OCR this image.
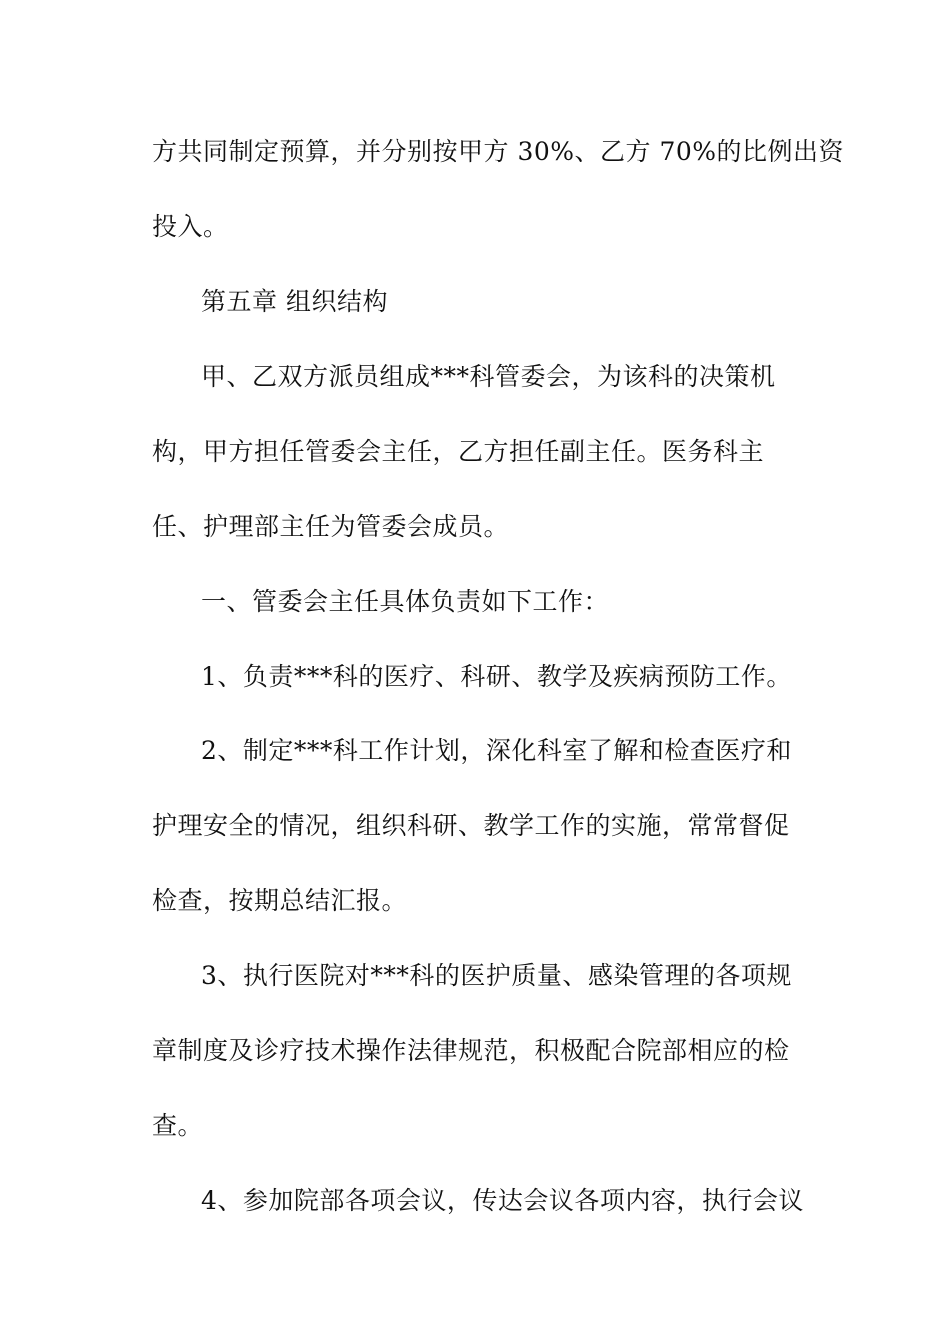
方共同制定预算，并分别按甲方 30%、乙方 70%的比例出资
投入。
第五章 组织结构
甲、乙双方派员组成***科管委会，为该科的决策机
构，甲方担任管委会主任，乙方担任副主任。医务科主
任、护理部主任为管委会成员。
一、管委会主任具体负责如下工作：
1、负责***科的医疗、科研、教学及疾病预防工作。
2、制定***科工作计划，深化科室了解和检查医疗和
护理安全的情况，组织科研、教学工作的实施，常常督促
检查，按期总结汇报。
3、执行医院对***科的医护质量、感染管理的各项规
章制度及诊疗技术操作法律规范，积极配合院部相应的检
查。
4、参加院部各项会议，传达会议各项内容，执行会议
